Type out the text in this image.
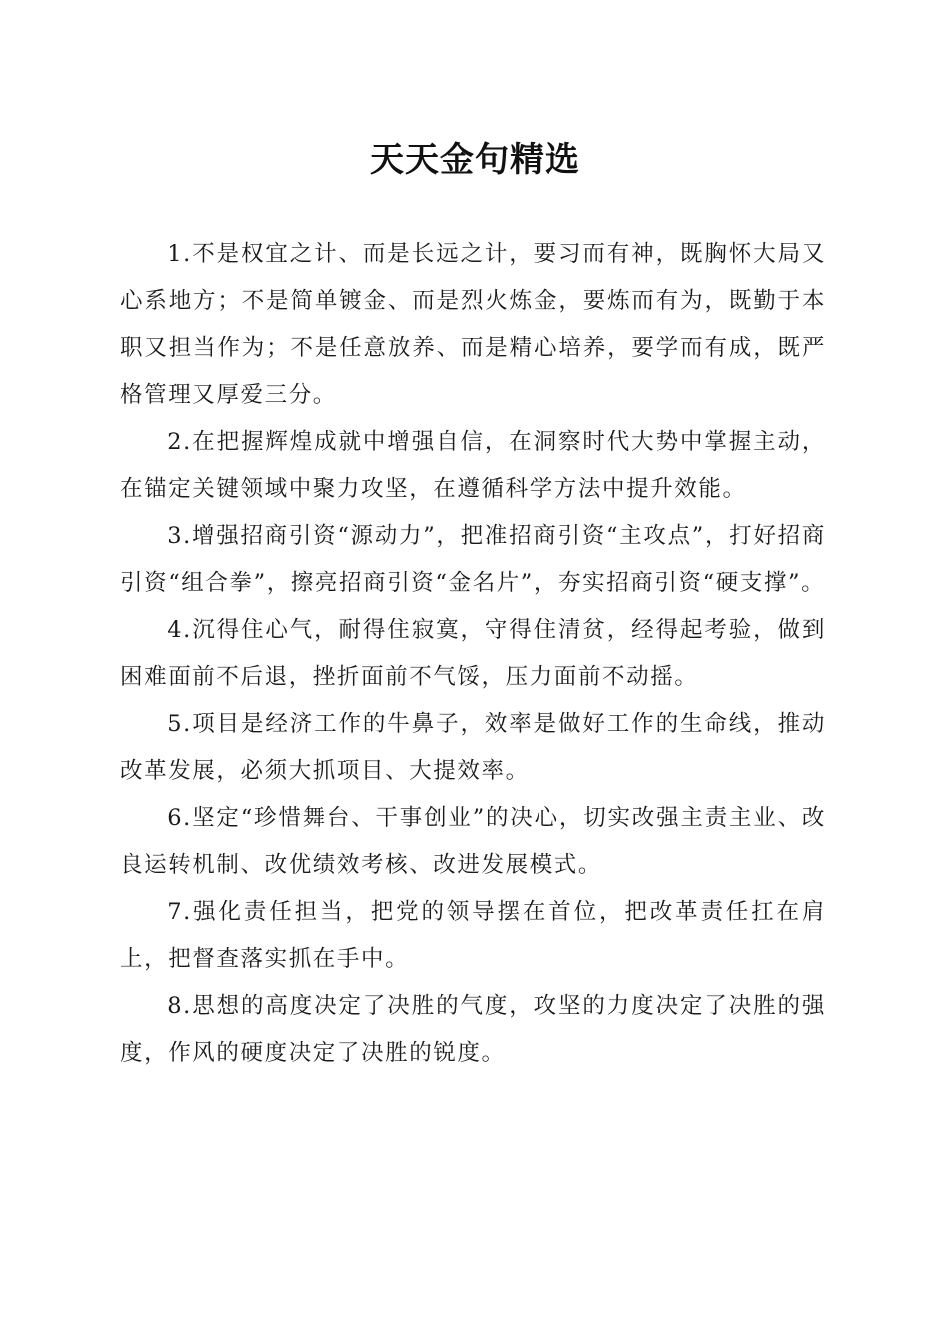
天天金句精选

1.不是权宜之计、而是长远之计，要习而有神，既胸怀大局又心系地方；不是简单镀金、而是烈火炼金，要炼而有为，既勤于本职又担当作为；不是任意放养、而是精心培养，要学而有成，既严格管理又厚爱三分。

2.在把握辉煌成就中增强自信，在洞察时代大势中掌握主动，在锚定关键领域中聚力攻坚，在遵循科学方法中提升效能。

3.增强招商引资“源动力”，把准招商引资“主攻点”，打好招商引资“组合拳”，擦亮招商引资“金名片”，夯实招商引资“硬支撑”。

4.沉得住心气，耐得住寂寞，守得住清贫，经得起考验，做到困难面前不后退，挫折面前不气馁，压力面前不动摇。

5.项目是经济工作的牛鼻子，效率是做好工作的生命线，推动改革发展，必须大抓项目、大提效率。

6.坚定“珍惜舞台、干事创业”的决心，切实改强主责主业、改良运转机制、改优绩效考核、改进发展模式。

7.强化责任担当，把党的领导摆在首位，把改革责任扛在肩上，把督查落实抓在手中。

8.思想的高度决定了决胜的气度，攻坚的力度决定了决胜的强度，作风的硬度决定了决胜的锐度。
